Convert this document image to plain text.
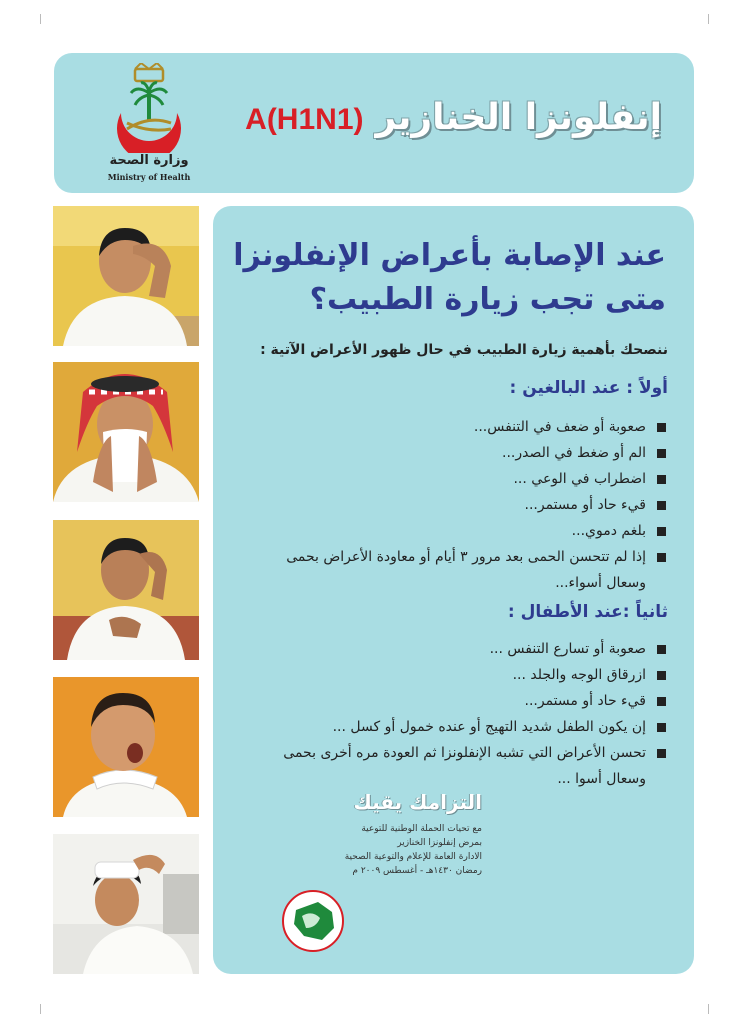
وزارة الصحة
Ministry of Health
إنفلونزا الخنازيرA(H1N1)
عند الإصابة بأعراض الإنفلونزا
متى تجب زيارة الطبيب؟
ننصحك بأهمية زيارة الطبيب في حال ظهور الأعراض الآتية :
أولاً : عند البالغين :
صعوبة أو ضعف في التنفس...
الم أو ضغط في الصدر...
اضطراب في الوعي ...
قيء حاد أو مستمر...
بلغم دموي...
إذا لم تتحسن الحمى بعد مرور ٣ أيام أو معاودة الأعراض بحمى وسعال أسواء...
ثانياً :عند الأطفال :
صعوبة أو تسارع التنفس ...
ازرقاق الوجه والجلد ...
قيء حاد أو مستمر...
إن يكون الطفل شديد التهيج أو عنده خمول أو كسل ...
تحسن الأعراض التي تشبه الإنفلونزا ثم العودة مره أخرى بحمى وسعال أسوا ...
التزامك يقيك
مع تحيات الحملة الوطنية للتوعية
بمرض إنفلونزا الخنازير
الادارة العامة للإعلام والتوعية الصحية
رمضان ١٤٣٠هـ - أغسطس ٢٠٠٩ م
